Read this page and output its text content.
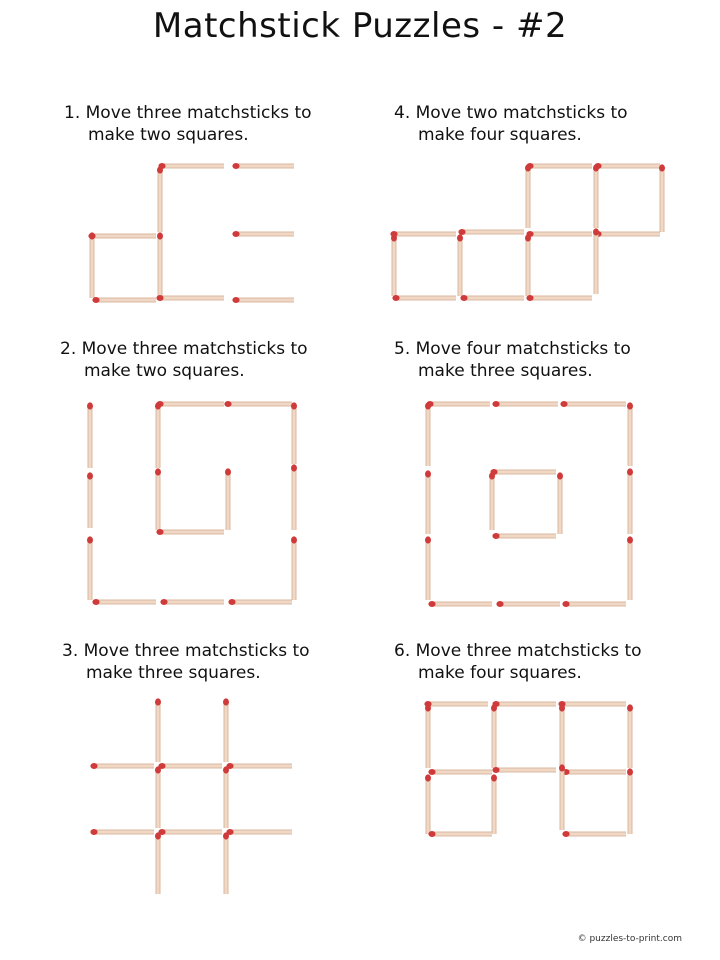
Matchstick Puzzles - #2
1. Move three matchsticks to
make two squares.
2. Move three matchsticks to
make two squares.
3. Move three matchsticks to
make three squares.
4. Move two matchsticks to
make four squares.
5. Move four matchsticks to
make three squares.
6. Move three matchsticks to
make four squares.
© puzzles-to-print.com
